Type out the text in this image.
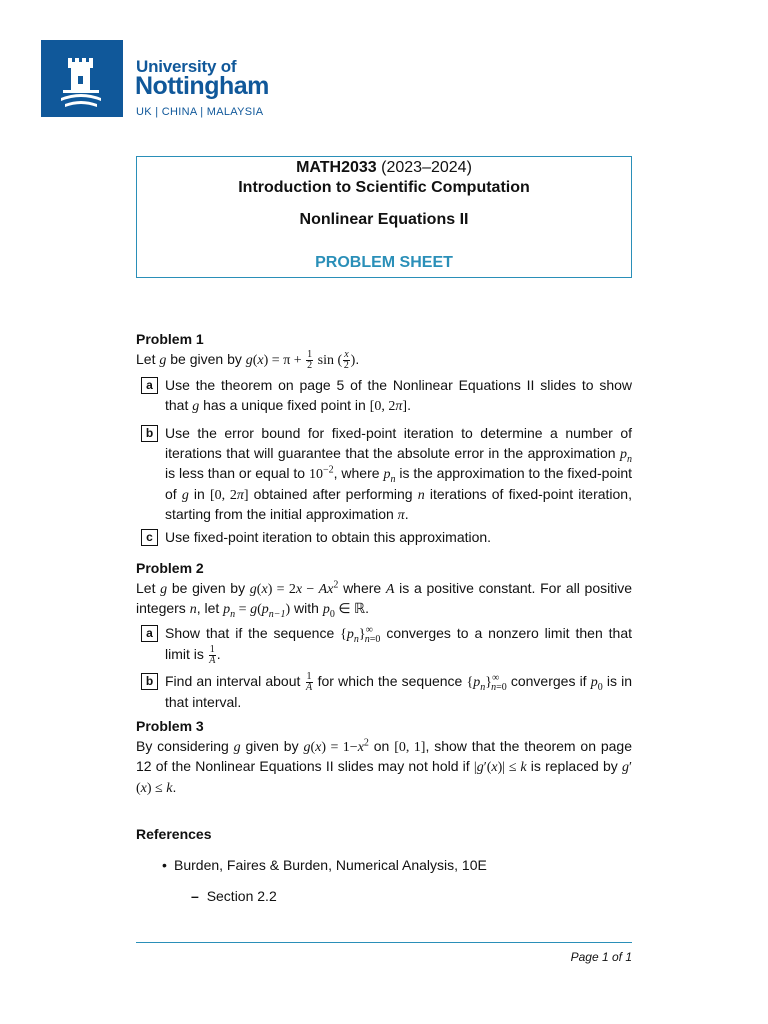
University of
Nottingham
UK | CHINA | MALAYSIA
MATH2033 (2023–2024)
Introduction to Scientific Computation
Nonlinear Equations II
PROBLEM SHEET
Problem 1
Let g be given by $g(x) = \pi + \frac{1}{2}$ sin ( $\frac{x}{2}$ ).
a Use the theorem on page 5 of the Nonlinear Equations II slides to show that g has a unique fixed point in [0, 2π].
b Use the error bound for fixed-point iteration to determine a number of iterations that will guarantee that the absolute error in the approximation $p_n$ is less than or equal to $10^{-2}$, where $p_n$ is the approximation to the fixed-point of g in [0, 2π] obtained after performing n iterations of fixed-point iteration, starting from the initial approximation π.
c Use fixed-point iteration to obtain this approximation.
Problem 2
Let g be given by $g(x) = 2x - Ax^2$ where A is a positive constant. For all positive integers n, let $p_n = g(p_{n-1})$ with $p_0$ ∈ ℝ.
a Show that if the sequence $\{p_n\}^\infty_{n=0}$ converges to a nonzero limit then that limit is $\frac{1}{A}$ .
b Find an interval about $\frac{1}{A}$ for which the sequence $\{p_n\}^\infty_{n=0}$ converges if $p_0$ is in that interval.
Problem 3
By considering g given by $g(x) = 1-x^2$ on [0, 1], show that the theorem on page 12 of the Nonlinear Equations II slides may not hold if |g′(x)| ≤ k is replaced by g′(x) ≤ k.
References
• Burden, Faires & Burden, Numerical Analysis, 10E
– Section 2.2
Page 1 of 1
